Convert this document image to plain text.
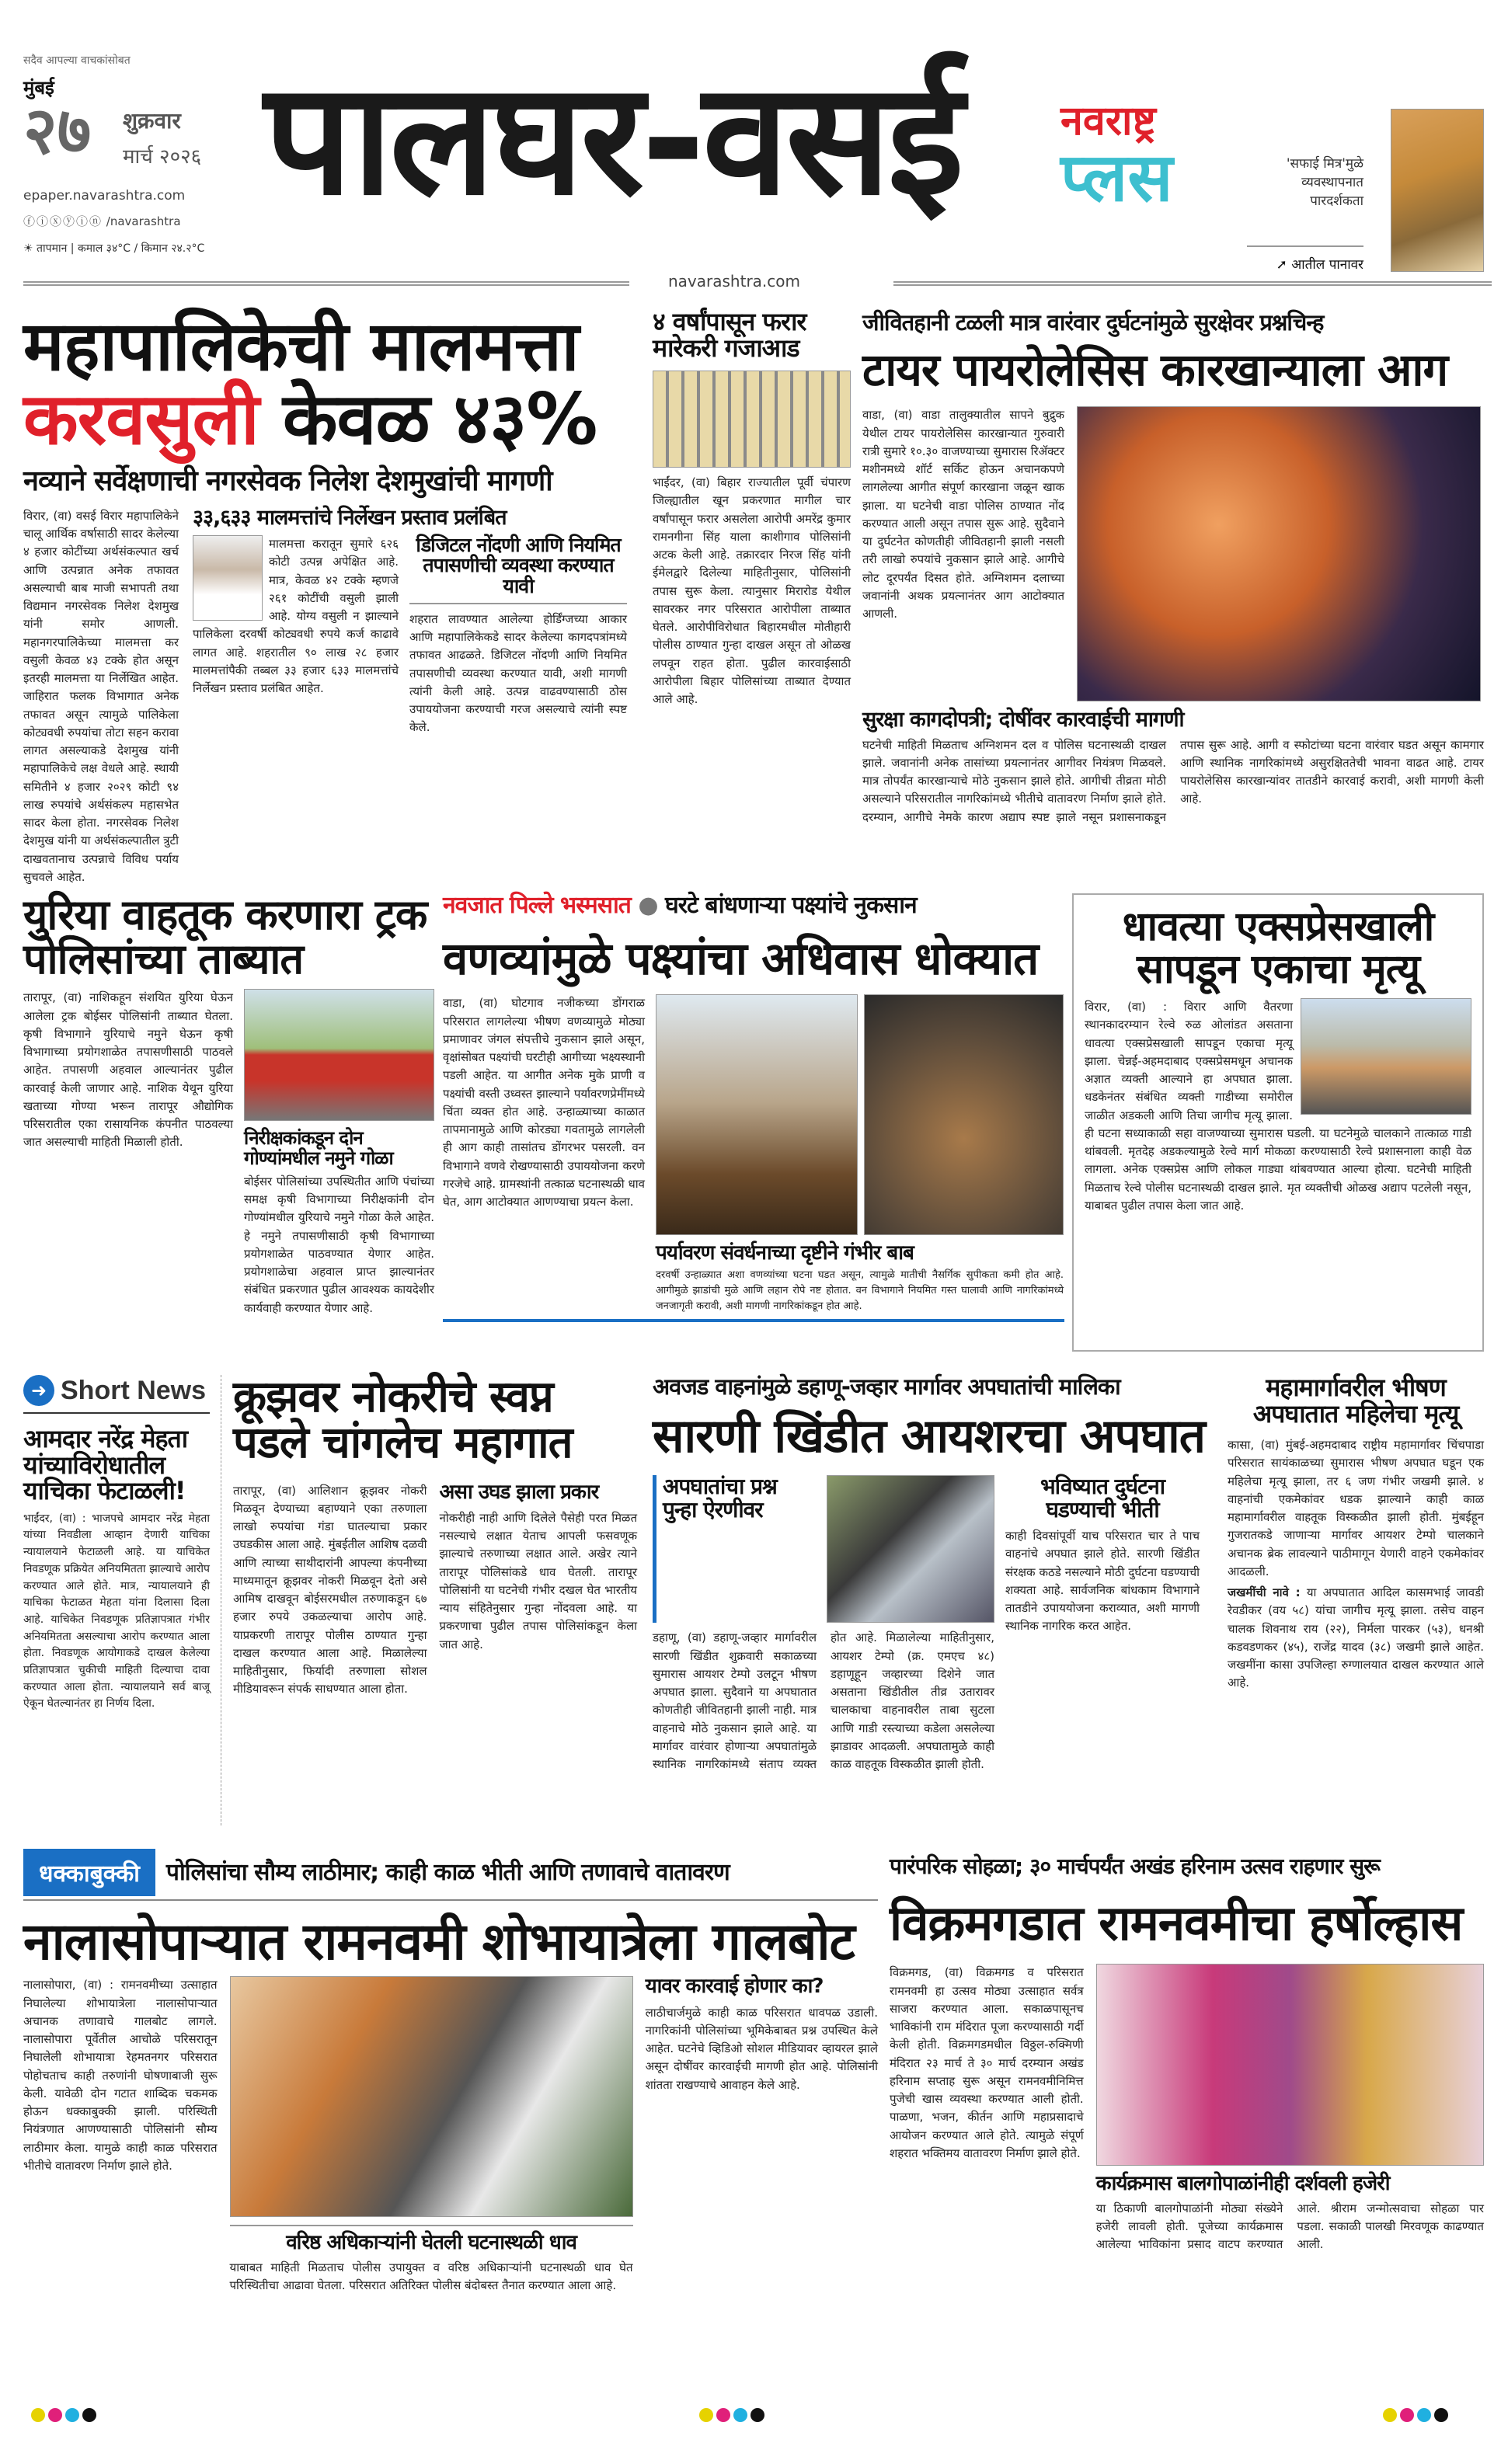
सदैव आपल्या वाचकांसोबत
मुंबई
२७ शुक्रवार
मार्च २०२६
epaper.navarashtra.com
ⓕⓘⓧⓨⓘⓝ /navarashtra
☀ तापमान | कमाल ३४°C / किमान २४.२°C
पालघर-वसई नवराष्ट्र
प्लस	'सफाई मित्र'मुळे व्यवस्थापनात पारदर्शकता
➚ आतील पानावर
navarashtra.com
महापालिकेची मालमत्ता
करवसुली केवळ ४३%
नव्याने सर्वेक्षणाची नगरसेवक निलेश देशमुखांची मागणी
विरार, (वा) वसई विरार महापालिकेने चालू आर्थिक वर्षासाठी सादर केलेल्या ४ हजार कोटींच्या अर्थसंकल्पात खर्च आणि उत्पन्नात अनेक तफावत असल्याची बाब माजी सभापती तथा विद्यमान नगरसेवक निलेश देशमुख यांनी समोर आणली. महानगरपालिकेच्या मालमत्ता कर वसुली केवळ ४३ टक्के होत असून इतरही मालमत्ता या निर्लेखित आहेत. जाहिरात फलक विभागात अनेक तफावत असून त्यामुळे पालिकेला कोट्यवधी रुपयांचा तोटा सहन करावा लागत असल्याकडे देशमुख यांनी महापालिकेचे लक्ष वेधले आहे. स्थायी समितीने ४ हजार २०२९ कोटी ९४ लाख रुपयांचे अर्थसंकल्प महासभेत सादर केला होता. नगरसेवक निलेश देशमुख यांनी या अर्थसंकल्पातील त्रुटी दाखवतानाच उत्पन्नाचे विविध पर्याय सुचवले आहेत.
३३,६३३ मालमत्तांचे निर्लेखन प्रस्ताव प्रलंबित
मालमत्ता करातून सुमारे ६२६ कोटी उत्पन्न अपेक्षित आहे. मात्र, केवळ ४२ टक्के म्हणजे २६१ कोटींची वसुली झाली आहे. योग्य वसुली न झाल्याने पालिकेला दरवर्षी कोट्यवधी रुपये कर्ज काढावे लागत आहे. शहरातील ९० लाख २८ हजार मालमत्तांपैकी तब्बल ३३ हजार ६३३ मालमत्तांचे निर्लेखन प्रस्ताव प्रलंबित आहेत.
डिजिटल नोंदणी आणि नियमित तपासणीची व्यवस्था करण्यात यावी
शहरात लावण्यात आलेल्या होर्डिंग्जच्या आकार आणि महापालिकेकडे सादर केलेल्या कागदपत्रांमध्ये तफावत आढळते. डिजिटल नोंदणी आणि नियमित तपासणीची व्यवस्था करण्यात यावी, अशी मागणी त्यांनी केली आहे. उत्पन्न वाढवण्यासाठी ठोस उपाययोजना करण्याची गरज असल्याचे त्यांनी स्पष्ट केले.
४ वर्षांपासून फरार मारेकरी गजाआड
भाईंदर, (वा) बिहार राज्यातील पूर्वी चंपारण जिल्ह्यातील खून प्रकरणात मागील चार वर्षांपासून फरार असलेला आरोपी अमरेंद्र कुमार रामनगीना सिंह याला काशीगाव पोलिसांनी अटक केली आहे. तक्रारदार निरज सिंह यांनी ईमेलद्वारे दिलेल्या माहितीनुसार, पोलिसांनी तपास सुरू केला. त्यानुसार मिरारोड येथील सावरकर नगर परिसरात आरोपीला ताब्यात घेतले. आरोपीविरोधात बिहारमधील मोतीहारी पोलीस ठाण्यात गुन्हा दाखल असून तो ओळख लपवून राहत होता. पुढील कारवाईसाठी आरोपीला बिहार पोलिसांच्या ताब्यात देण्यात आले आहे.
जीवितहानी टळली मात्र वारंवार दुर्घटनांमुळे सुरक्षेवर प्रश्नचिन्ह
टायर पायरोलेसिस कारखान्याला आग
वाडा, (वा) वाडा तालुक्यातील सापने बुद्रुक येथील टायर पायरोलेसिस कारखान्यात गुरुवारी रात्री सुमारे १०.३० वाजण्याच्या सुमारास रिॲक्टर मशीनमध्ये शॉर्ट सर्किट होऊन अचानकपणे लागलेल्या आगीत संपूर्ण कारखाना जळून खाक झाला. या घटनेची वाडा पोलिस ठाण्यात नोंद करण्यात आली असून तपास सुरू आहे. सुदैवाने या दुर्घटनेत कोणतीही जीवितहानी झाली नसली तरी लाखो रुपयांचे नुकसान झाले आहे. आगीचे लोट दूरपर्यंत दिसत होते. अग्निशमन दलाच्या जवानांनी अथक प्रयत्नानंतर आग आटोक्यात आणली.
सुरक्षा कागदोपत्री; दोषींवर कारवाईची मागणी
घटनेची माहिती मिळताच अग्निशमन दल व पोलिस घटनास्थळी दाखल झाले. जवानांनी अनेक तासांच्या प्रयत्नानंतर आगीवर नियंत्रण मिळवले. मात्र तोपर्यंत कारखान्याचे मोठे नुकसान झाले होते. आगीची तीव्रता मोठी असल्याने परिसरातील नागरिकांमध्ये भीतीचे वातावरण निर्माण झाले होते. दरम्यान, आगीचे नेमके कारण अद्याप स्पष्ट झाले नसून प्रशासनाकडून तपास सुरू आहे. आगी व स्फोटांच्या घटना वारंवार घडत असून कामगार आणि स्थानिक नागरिकांमध्ये असुरक्षिततेची भावना वाढत आहे. टायर पायरोलेसिस कारखान्यांवर तातडीने कारवाई करावी, अशी मागणी केली आहे.
युरिया वाहतूक करणारा ट्रक पोलिसांच्या ताब्यात
तारापूर, (वा) नाशिकहून संशयित युरिया घेऊन आलेला ट्रक बोईसर पोलिसांनी ताब्यात घेतला. कृषी विभागाने युरियाचे नमुने घेऊन कृषी विभागाच्या प्रयोगशाळेत तपासणीसाठी पाठवले आहेत. तपासणी अहवाल आल्यानंतर पुढील कारवाई केली जाणार आहे. नाशिक येथून युरिया खताच्या गोण्या भरून तारापूर औद्योगिक परिसरातील एका रासायनिक कंपनीत पाठवल्या जात असल्याची माहिती मिळाली होती.	निरीक्षकांकडून दोन गोण्यांमधील नमुने गोळा
बोईसर पोलिसांच्या उपस्थितीत आणि पंचांच्या समक्ष कृषी विभागाच्या निरीक्षकांनी दोन गोण्यांमधील युरियाचे नमुने गोळा केले आहेत. हे नमुने तपासणीसाठी कृषी विभागाच्या प्रयोगशाळेत पाठवण्यात येणार आहेत. प्रयोगशाळेचा अहवाल प्राप्त झाल्यानंतर संबंधित प्रकरणात पुढील आवश्यक कायदेशीर कार्यवाही करण्यात येणार आहे.
नवजात पिल्ले भस्मसात ● घरटे बांधणाऱ्या पक्ष्यांचे नुकसान
वणव्यांमुळे पक्ष्यांचा अधिवास धोक्यात
वाडा, (वा) घोटगाव नजीकच्या डोंगराळ परिसरात लागलेल्या भीषण वणव्यामुळे मोठ्या प्रमाणावर जंगल संपत्तीचे नुकसान झाले असून, वृक्षांसोबत पक्ष्यांची घरटीही आगीच्या भक्ष्यस्थानी पडली आहेत. या आगीत अनेक मुके प्राणी व पक्ष्यांची वस्ती उध्वस्त झाल्याने पर्यावरणप्रेमींमध्ये चिंता व्यक्त होत आहे. उन्हाळ्याच्या काळात तापमानामुळे आणि कोरड्या गवतामुळे लागलेली ही आग काही तासांतच डोंगरभर पसरली. वन विभागाने वणवे रोखण्यासाठी उपाययोजना करणे गरजेचे आहे. ग्रामस्थांनी तत्काळ घटनास्थळी धाव घेत, आग आटोक्यात आणण्याचा प्रयत्न केला.
पर्यावरण संवर्धनाच्या दृष्टीने गंभीर बाब
दरवर्षी उन्हाळ्यात अशा वणव्यांच्या घटना घडत असून, त्यामुळे मातीची नैसर्गिक सुपीकता कमी होत आहे. आगीमुळे झाडांची मुळे आणि लहान रोपे नष्ट होतात. वन विभागाने नियमित गस्त घालावी आणि नागरिकांमध्ये जनजागृती करावी, अशी मागणी नागरिकांकडून होत आहे.
धावत्या एक्सप्रेसखाली सापडून एकाचा मृत्यू
विरार, (वा) : विरार आणि वैतरणा स्थानकादरम्यान रेल्वे रुळ ओलांडत असताना धावत्या एक्सप्रेसखाली सापडून एकाचा मृत्यू झाला. चेन्नई-अहमदाबाद एक्सप्रेसमधून अचानक अज्ञात व्यक्ती आल्याने हा अपघात झाला. धडकेनंतर संबंधित व्यक्ती गाडीच्या समोरील जाळीत अडकली आणि तिचा जागीच मृत्यू झाला. ही घटना सध्याकाळी सहा वाजण्याच्या सुमारास घडली. या घटनेमुळे चालकाने तात्काळ गाडी थांबवली. मृतदेह अडकल्यामुळे रेल्वे मार्ग मोकळा करण्यासाठी रेल्वे प्रशासनाला काही वेळ लागला. अनेक एक्सप्रेस आणि लोकल गाड्या थांबवण्यात आल्या होत्या. घटनेची माहिती मिळताच रेल्वे पोलीस घटनास्थळी दाखल झाले. मृत व्यक्तीची ओळख अद्याप पटलेली नसून, याबाबत पुढील तपास केला जात आहे.
➜ Short News
आमदार नरेंद्र मेहता यांच्याविरोधातील याचिका फेटाळली!
भाईंदर, (वा) : भाजपचे आमदार नरेंद्र मेहता यांच्या निवडीला आव्हान देणारी याचिका न्यायालयाने फेटाळली आहे. या याचिकेत निवडणूक प्रक्रियेत अनियमितता झाल्याचे आरोप करण्यात आले होते. मात्र, न्यायालयाने ही याचिका फेटाळत मेहता यांना दिलासा दिला आहे. याचिकेत निवडणूक प्रतिज्ञापत्रात गंभीर अनियमितता असल्याचा आरोप करण्यात आला होता. निवडणूक आयोगाकडे दाखल केलेल्या प्रतिज्ञापत्रात चुकीची माहिती दिल्याचा दावा करण्यात आला होता. न्यायालयाने सर्व बाजू ऐकून घेतल्यानंतर हा निर्णय दिला.
क्रूझवर नोकरीचे स्वप्न पडले चांगलेच महागात
तारापूर, (वा) आलिशान क्रूझवर नोकरी मिळवून देण्याच्या बहाण्याने एका तरुणाला लाखो रुपयांचा गंडा घातल्याचा प्रकार उघडकीस आला आहे. मुंबईतील आशिष दळवी आणि त्याच्या साथीदारांनी आपल्या कंपनीच्या माध्यमातून क्रूझवर नोकरी मिळवून देतो असे आमिष दाखवून बोईसरमधील तरुणाकडून ६७ हजार रुपये उकळल्याचा आरोप आहे. याप्रकरणी तारापूर पोलीस ठाण्यात गुन्हा दाखल करण्यात आला आहे. मिळालेल्या माहितीनुसार, फिर्यादी तरुणाला सोशल मीडियावरून संपर्क साधण्यात आला होता.
असा उघड झाला प्रकार
नोकरीही नाही आणि दिलेले पैसेही परत मिळत नसल्याचे लक्षात येताच आपली फसवणूक झाल्याचे तरुणाच्या लक्षात आले. अखेर त्याने तारापूर पोलिसांकडे धाव घेतली. तारापूर पोलिसांनी या घटनेची गंभीर दखल घेत भारतीय न्याय संहितेनुसार गुन्हा नोंदवला आहे. या प्रकरणाचा पुढील तपास पोलिसांकडून केला जात आहे.
अवजड वाहनांमुळे डहाणू-जव्हार मार्गावर अपघातांची मालिका
सारणी खिंडीत आयशरचा अपघात
अपघातांचा प्रश्न पुन्हा ऐरणीवर
डहाणू, (वा) डहाणू-जव्हार मार्गावरील सारणी खिंडीत शुक्रवारी सकाळच्या सुमारास आयशर टेम्पो उलटून भीषण अपघात झाला. सुदैवाने या अपघातात कोणतीही जीवितहानी झाली नाही. मात्र वाहनाचे मोठे नुकसान झाले आहे. या मार्गावर वारंवार होणाऱ्या अपघातांमुळे स्थानिक नागरिकांमध्ये संताप व्यक्त होत आहे. मिळालेल्या माहितीनुसार, आयशर टेम्पो (क्र. एमएच ४८) डहाणूहून जव्हारच्या दिशेने जात असताना खिंडीतील तीव्र उतारावर चालकाचा वाहनावरील ताबा सुटला आणि गाडी रस्त्याच्या कडेला असलेल्या झाडावर आदळली. अपघातामुळे काही काळ वाहतूक विस्कळीत झाली होती.
भविष्यात दुर्घटना घडण्याची भीती
काही दिवसांपूर्वी याच परिसरात चार ते पाच वाहनांचे अपघात झाले होते. सारणी खिंडीत संरक्षक कठडे नसल्याने मोठी दुर्घटना घडण्याची शक्यता आहे. सार्वजनिक बांधकाम विभागाने तातडीने उपाययोजना कराव्यात, अशी मागणी स्थानिक नागरिक करत आहेत.
महामार्गावरील भीषण अपघातात महिलेचा मृत्यू
कासा, (वा) मुंबई-अहमदाबाद राष्ट्रीय महामार्गावर चिंचपाडा परिसरात सायंकाळच्या सुमारास भीषण अपघात घडून एक महिलेचा मृत्यू झाला, तर ६ जण गंभीर जखमी झाले. ४ वाहनांची एकमेकांवर धडक झाल्याने काही काळ महामार्गावरील वाहतूक विस्कळीत झाली होती. मुंबईहून गुजरातकडे जाणाऱ्या मार्गावर आयशर टेम्पो चालकाने अचानक ब्रेक लावल्याने पाठीमागून येणारी वाहने एकमेकांवर आदळली.
जखमींची नावे : या अपघातात आदिल कासमभाई जावडी रेवडीकर (वय ५८) यांचा जागीच मृत्यू झाला. तसेच वाहन चालक शिवनाथ राय (२२), निर्मला पारकर (५३), धनश्री कडवडणकर (४५), राजेंद्र यादव (३८) जखमी झाले आहेत. जखमींना कासा उपजिल्हा रुग्णालयात दाखल करण्यात आले आहे.
धक्काबुक्की	पोलिसांचा सौम्य लाठीमार; काही काळ भीती आणि तणावाचे वातावरण
नालासोपाऱ्यात रामनवमी शोभायात्रेला गालबोट
नालासोपारा, (वा) : रामनवमीच्या उत्साहात निघालेल्या शोभायात्रेला नालासोपाऱ्यात अचानक तणावाचे गालबोट लागले. नालासोपारा पूर्वेतील आचोळे परिसरातून निघालेली शोभायात्रा रेहमतनगर परिसरात पोहोचताच काही तरुणांनी घोषणाबाजी सुरू केली. यावेळी दोन गटात शाब्दिक चकमक होऊन धक्काबुक्की झाली. परिस्थिती नियंत्रणात आणण्यासाठी पोलिसांनी सौम्य लाठीमार केला. यामुळे काही काळ परिसरात भीतीचे वातावरण निर्माण झाले होते.
वरिष्ठ अधिकाऱ्यांनी घेतली घटनास्थळी धाव
याबाबत माहिती मिळताच पोलीस उपायुक्त व वरिष्ठ अधिकाऱ्यांनी घटनास्थळी धाव घेत परिस्थितीचा आढावा घेतला. परिसरात अतिरिक्त पोलीस बंदोबस्त तैनात करण्यात आला आहे.
यावर कारवाई होणार का?
लाठीचार्जमुळे काही काळ परिसरात धावपळ उडाली. नागरिकांनी पोलिसांच्या भूमिकेबाबत प्रश्न उपस्थित केले आहेत. घटनेचे व्हिडिओ सोशल मीडियावर व्हायरल झाले असून दोषींवर कारवाईची मागणी होत आहे. पोलिसांनी शांतता राखण्याचे आवाहन केले आहे.
पारंपरिक सोहळा; ३० मार्चपर्यंत अखंड हरिनाम उत्सव राहणार सुरू
विक्रमगडात रामनवमीचा हर्षोल्हास
विक्रमगड, (वा) विक्रमगड व परिसरात रामनवमी हा उत्सव मोठ्या उत्साहात सर्वत्र साजरा करण्यात आला. सकाळपासूनच भाविकांनी राम मंदिरात पूजा करण्यासाठी गर्दी केली होती. विक्रमगडमधील विठ्ठल-रुक्मिणी मंदिरात २३ मार्च ते ३० मार्च दरम्यान अखंड हरिनाम सप्ताह सुरू असून रामनवमीनिमित्त पुजेची खास व्यवस्था करण्यात आली होती. पाळणा, भजन, कीर्तन आणि महाप्रसादाचे आयोजन करण्यात आले होते. त्यामुळे संपूर्ण शहरात भक्तिमय वातावरण निर्माण झाले होते.
कार्यक्रमास बालगोपाळांनीही दर्शवली हजेरी
या ठिकाणी बालगोपाळांनी मोठ्या संख्येने हजेरी लावली होती. पूजेच्या कार्यक्रमास आलेल्या भाविकांना प्रसाद वाटप करण्यात आले. श्रीराम जन्मोत्सवाचा सोहळा पार पडला. सकाळी पालखी मिरवणूक काढण्यात आली.
